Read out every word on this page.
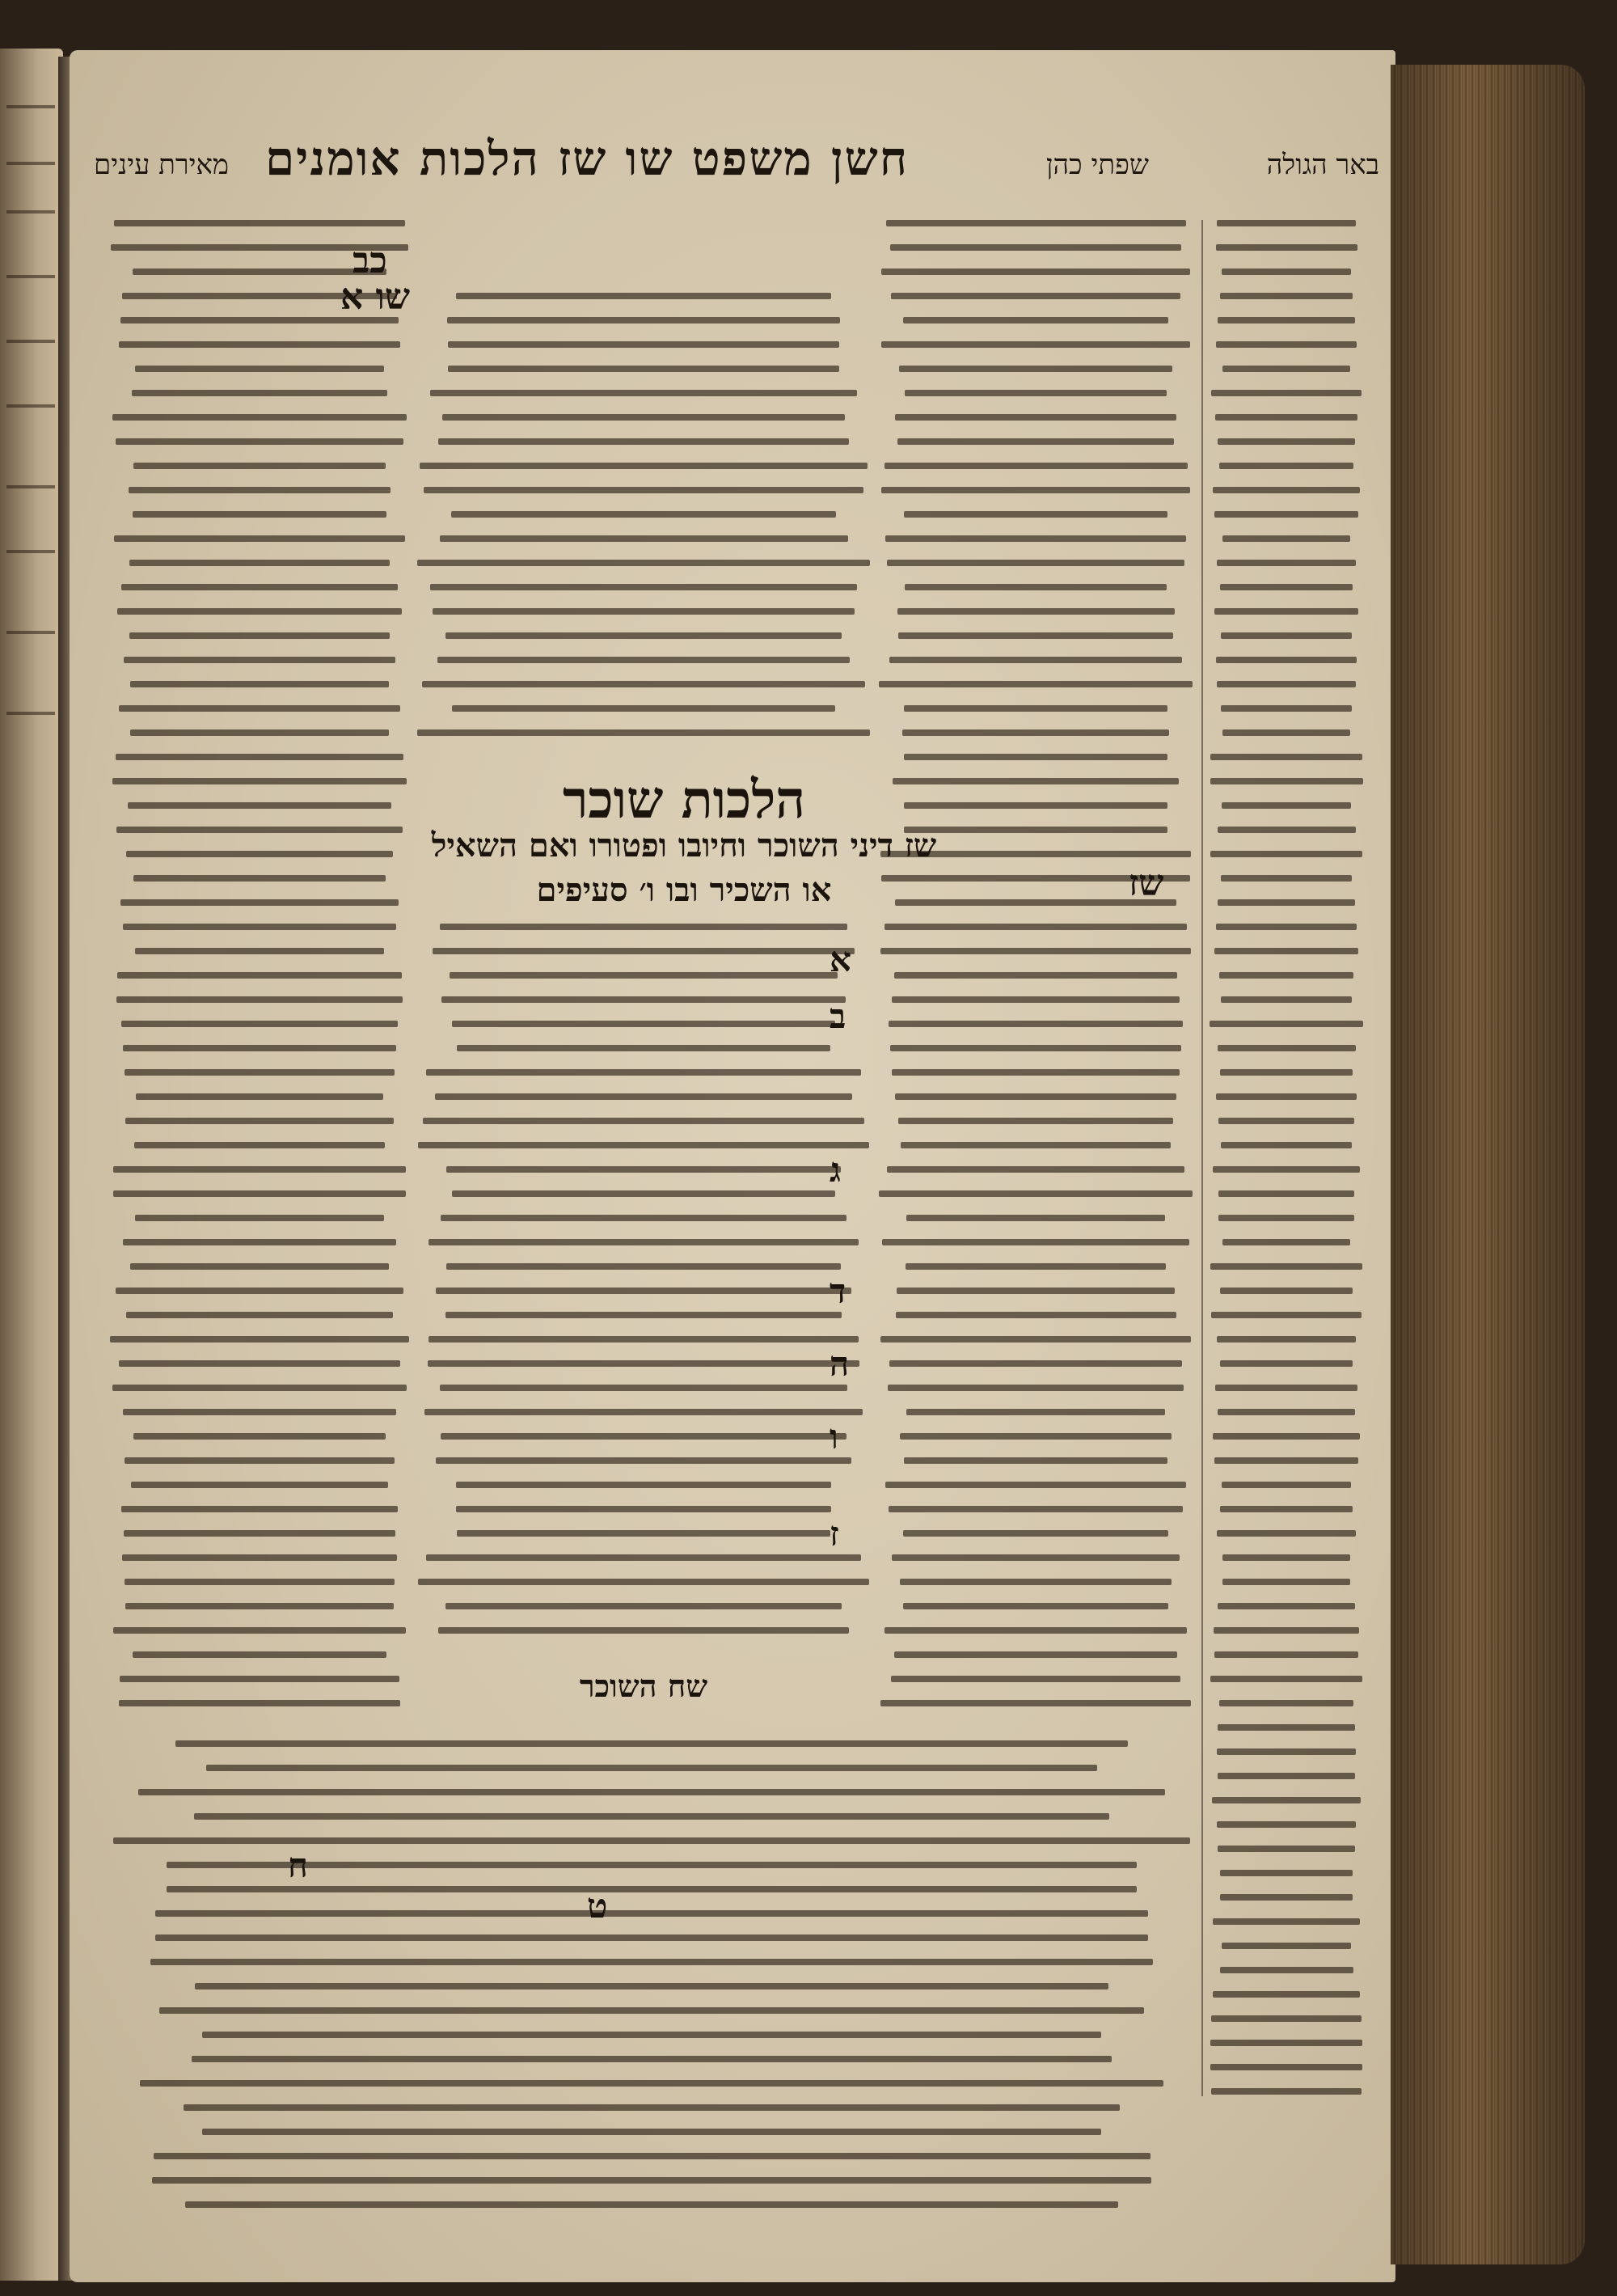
באר הגולה
שפתי כהן
חשן משפט שו שז הלכות אומנים
מאירת עינים
הלכות שוכר
שז דיני השוכר וחיובו ופטורו ואם השאיל
או השכיר ובו ו׳ סעיפים
שח השוכר
שו א
כב
שז
א
ב
ג
ד
ה
ו
ז
ח
ט
